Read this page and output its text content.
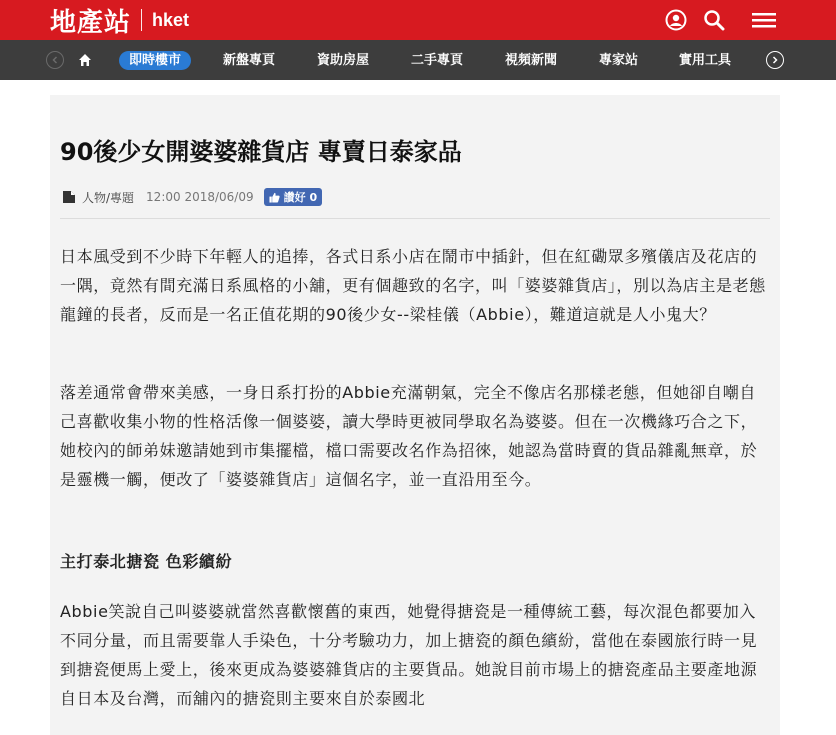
地產站 hket
即時樓市	新盤專頁	資助房屋	二手專頁	視頻新聞	專家站	實用工具
90後少女開婆婆雜貨店 專賣日泰家品
人物/專題 12:00 2018/06/09	讚好 0

日本風受到不少時下年輕人的追捧，各式日系小店在鬧市中插針，但在紅磡眾多殯儀店及花店的一隅，竟然有間充滿日系風格的小舖，更有個趣致的名字，叫「婆婆雜貨店」，別以為店主是老態龍鐘的長者，反而是一名正值花期的90後少女--梁桂儀（Abbie），難道這就是人小鬼大？

落差通常會帶來美感，一身日系打扮的Abbie充滿朝氣，完全不像店名那樣老態，但她卻自嘲自己喜歡收集小物的性格活像一個婆婆，讀大學時更被同學取名為婆婆。但在一次機緣巧合之下，她校內的師弟妹邀請她到市集擺檔，檔口需要改名作為招徠，她認為當時賣的貨品雜亂無章，於是靈機一觸，便改了「婆婆雜貨店」這個名字，並一直沿用至今。

主打泰北搪瓷 色彩繽紛

Abbie笑說自己叫婆婆就當然喜歡懷舊的東西，她覺得搪瓷是一種傳統工藝，每次混色都要加入不同分量，而且需要靠人手染色，十分考驗功力，加上搪瓷的顏色繽紛，當他在泰國旅行時一見到搪瓷便馬上愛上，後來更成為婆婆雜貨店的主要貨品。她說目前市場上的搪瓷產品主要產地源自日本及台灣，而舖內的搪瓷則主要來自於泰國北
